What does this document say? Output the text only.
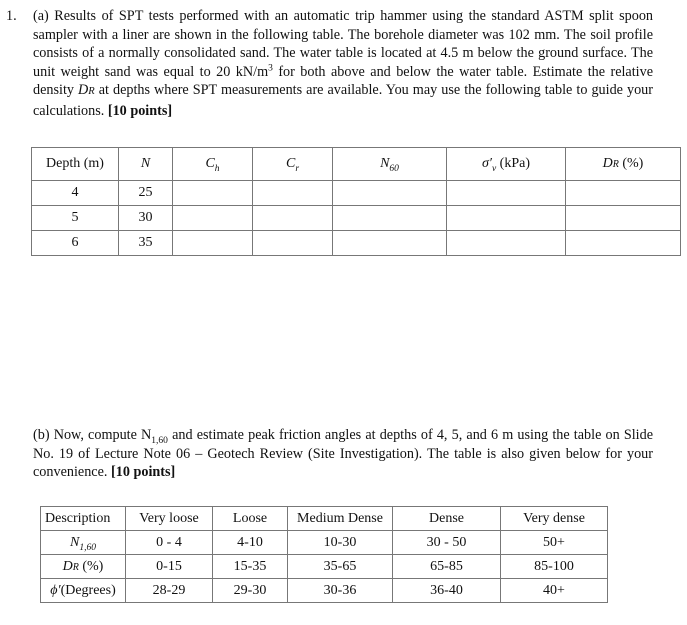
1. (a) Results of SPT tests performed with an automatic trip hammer using the standard ASTM split spoon sampler with a liner are shown in the following table. The borehole diameter was 102 mm. The soil profile consists of a normally consolidated sand. The water table is located at 4.5 m below the ground surface. The unit weight sand was equal to 20 $kN/m^3$ for both above and below the water table. Estimate the relative density DR at depths where SPT measurements are available. You may use the following table to guide your calculations. [10 points]
Depth (m)	N	$C_h$	$C_r$	$N_{60}$	$\sigma'_v$ (kPa)	DR (%)
4	25					
5	30					
6	35					
(b) Now, compute $N_{1,60}$ and estimate peak friction angles at depths of 4, 5, and 6 m using the table on Slide No. 19 of Lecture Note 06 – Geotech Review (Site Investigation). The table is also given below for your convenience. [10 points]
Description	Very loose	Loose	Medium Dense	Dense	Very dense
$N_{1,60}$	0 - 4	4-10	10-30	30 - 50	50+
DR (%)	0-15	15-35	35-65	65-85	85-100
ϕ′(Degrees)	28-29	29-30	30-36	36-40	40+
